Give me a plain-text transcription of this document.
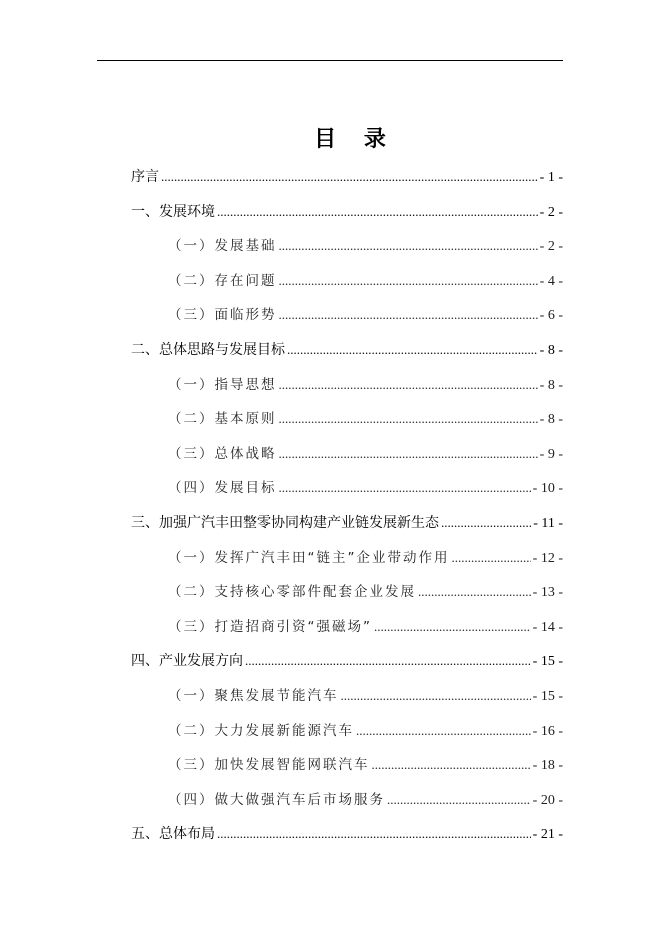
目 录
序言 .....	- 1 -
一、发展环境 .....	- 2 -
（一）发展基础 .....	- 2 -
（二）存在问题 .....	- 4 -
（三）面临形势 .....	- 6 -
二、总体思路与发展目标 .....	- 8 -
（一）指导思想 .....	- 8 -
（二）基本原则 .....	- 8 -
（三）总体战略 .....	- 9 -
（四）发展目标 .....	- 10 -
三、加强广汽丰田整零协同构建产业链发展新生态 .....	- 11 -
（一）发挥广汽丰田“链主”企业带动作用 .....	- 12 -
（二）支持核心零部件配套企业发展 .....	- 13 -
（三）打造招商引资“强磁场” .....	- 14 -
四、产业发展方向 .....	- 15 -
（一）聚焦发展节能汽车 .....	- 15 -
（二）大力发展新能源汽车 .....	- 16 -
（三）加快发展智能网联汽车 .....	- 18 -
（四）做大做强汽车后市场服务 .....	- 20 -
五、总体布局 .....	- 21 -
